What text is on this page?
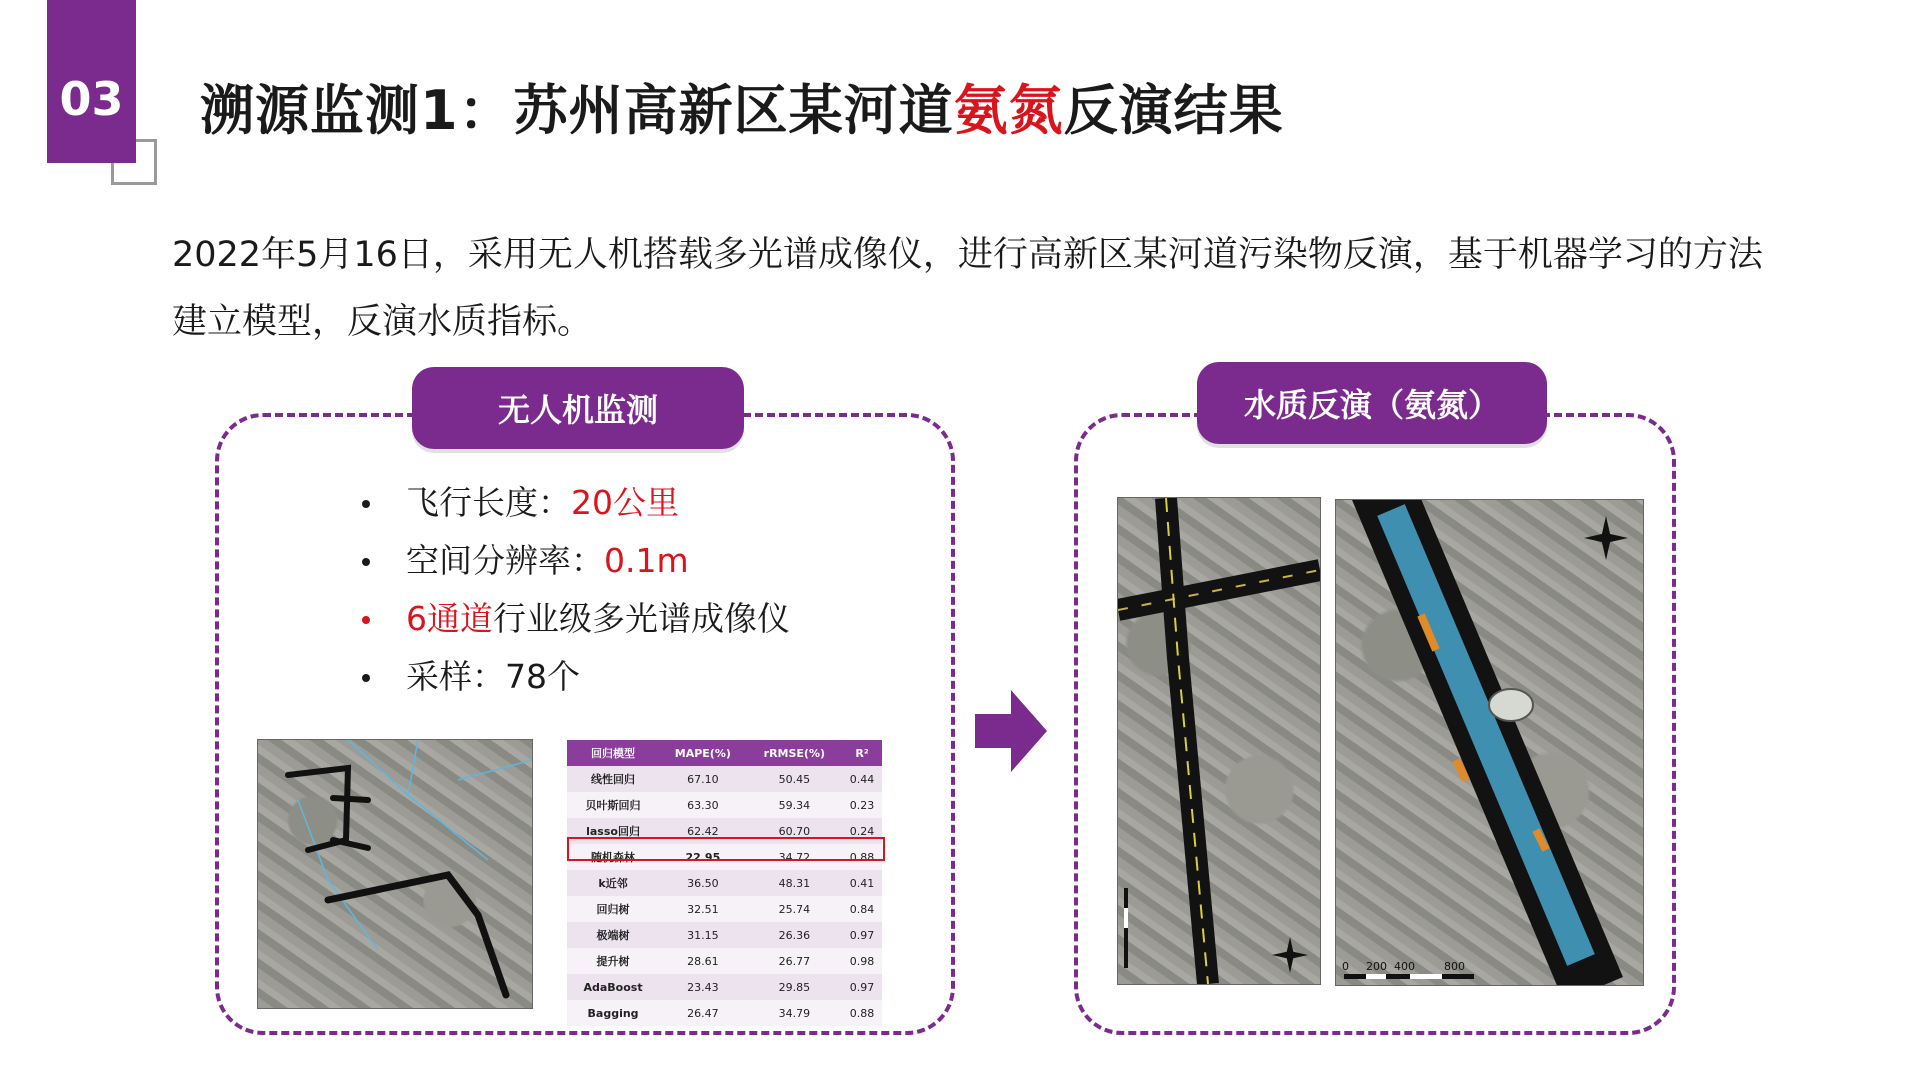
03 溯源监测1：苏州高新区某河道氨氮反演结果
2022年5月16日，采用无人机搭载多光谱成像仪，进行高新区某河道污染物反演，基于机器学习的方法建立模型，反演水质指标。
无人机监测
飞行长度：20公里
空间分辨率：0.1m
6通道行业级多光谱成像仪
采样：78个
回归模型	MAPE(%)	rRMSE(%)	R²
线性回归	67.10	50.45	0.44
贝叶斯回归	63.30	59.34	0.23
lasso回归	62.42	60.70	0.24
随机森林	22.95	34.72	0.88
k近邻	36.50	48.31	0.41
回归树	32.51	25.74	0.84
极端树	31.15	26.36	0.97
提升树	28.61	26.77	0.98
AdaBoost	23.43	29.85	0.97
Bagging	26.47	34.79	0.88
水质反演（氨氮）
0 200 400	800
